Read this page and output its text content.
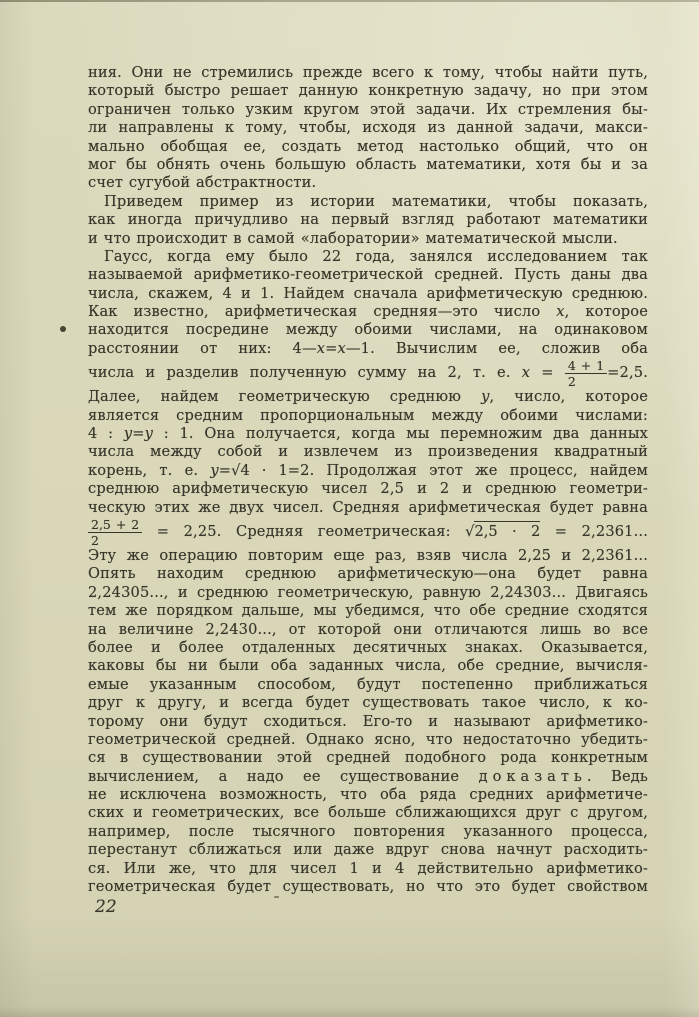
ния. Они не стремились прежде всего к тому, чтобы найти путь,
который быстро решает данную конкретную задачу, но при этом
ограничен только узким кругом этой задачи. Их стремления бы-
ли направлены к тому, чтобы, исходя из данной задачи, макси-
мально обобщая ее, создать метод настолько общий, что он
мог бы обнять очень большую область математики, хотя бы и за
счет сугубой абстрактности.
Приведем пример из истории математики, чтобы показать,
как иногда причудливо на первый взгляд работают математики
и что происходит в самой «лаборатории» математической мысли.
Гаусс, когда ему было 22 года, занялся исследованием так
называемой арифметико-геометрической средней. Пусть даны два
числа, скажем, 4 и 1. Найдем сначала арифметическую среднюю.
Как известно, арифметическая средняя—это число x, которое
находится посредине между обоими числами, на одинаковом
расстоянии от них: 4—x=x—1. Вычислим ее, сложив оба
числа и разделив полученную сумму на 2, т. е. $x = \frac{4 + 1}{2} =2,5$.
Далее, найдем геометрическую среднюю y, число, которое
является средним пропорциональным между обоими числами:
4 : y=y : 1. Она получается, когда мы перемножим два данных
числа между собой и извлечем из произведения квадратный
корень, т. е. y=√4 · 1=2. Продолжая этот же процесс, найдем
среднюю арифметическую чисел 2,5 и 2 и среднюю геометри-
ческую этих же двух чисел. Средняя арифметическая будет равна
$\frac{2,5 + 2}{2} = 2,25$. Средняя геометрическая: √2,5 · 2 = 2,2361...
Эту же операцию повторим еще раз, взяв числа 2,25 и 2,2361...
Опять находим среднюю арифметическую—она будет равна
2,24305..., и среднюю геометрическую, равную 2,24303... Двигаясь
тем же порядком дальше, мы убедимся, что обе средние сходятся
на величине 2,2430..., от которой они отличаются лишь во все
более и более отдаленных десятичных знаках. Оказывается,
каковы бы ни были оба заданных числа, обе средние, вычисля-
емые указанным способом, будут постепенно приближаться
друг к другу, и всегда будет существовать такое число, к ко-
торому они будут сходиться. Его-то и называют арифметико-
геометрической средней. Однако ясно, что недостаточно убедить-
ся в существовании этой средней подобного рода конкретным
вычислением, а надо ее существование доказать. Ведь
не исключена возможность, что оба ряда средних арифметиче-
ских и геометрических, все больше сближающихся друг с другом,
например, после тысячного повторения указанного процесса,
перестанут сближаться или даже вдруг снова начнут расходить-
ся. Или же, что для чисел 1 и 4 действительно арифметико-
геометрическая будет существовать, но что это будет свойством
22
